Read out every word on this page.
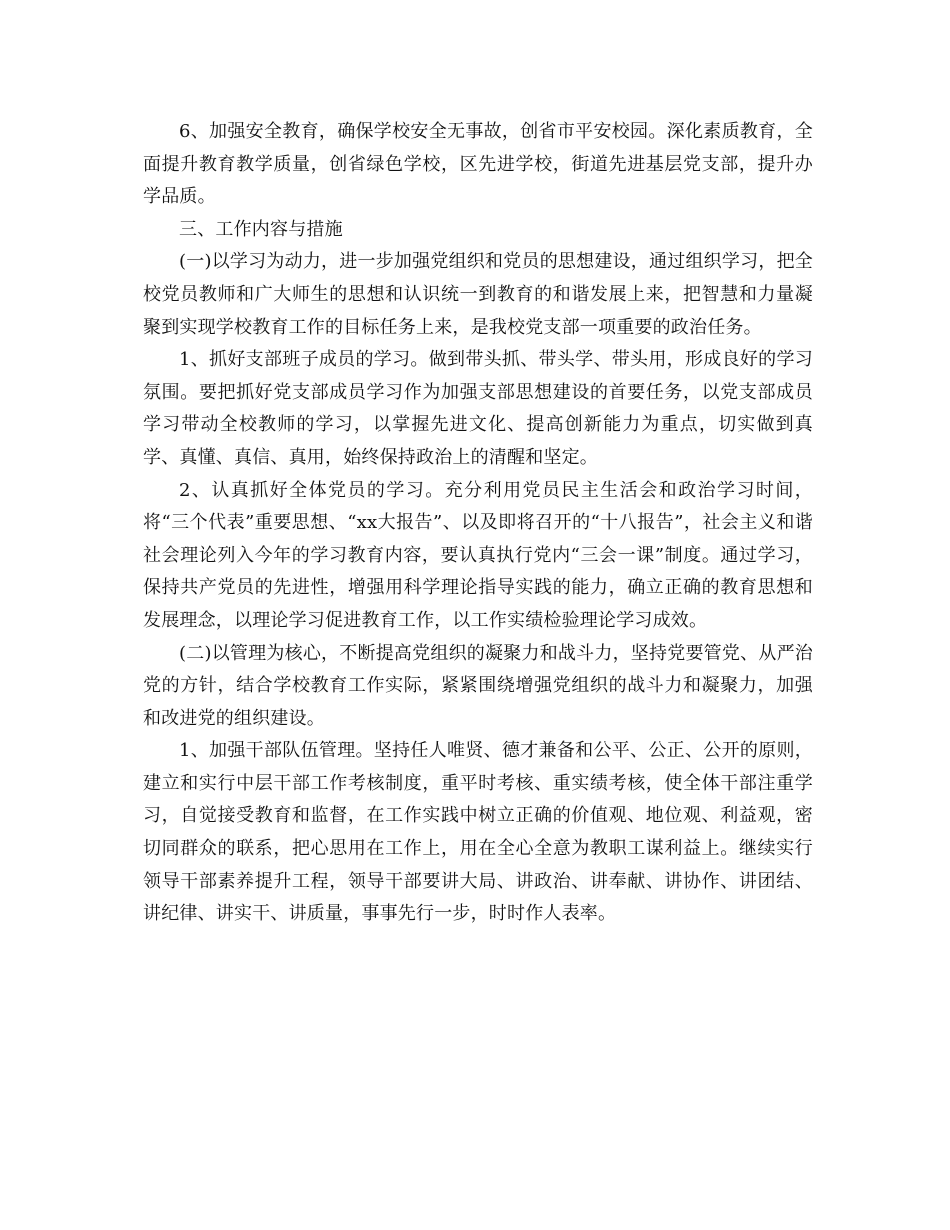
6、加强安全教育，确保学校安全无事故，创省市平安校园。深化素质教育，全面提升教育教学质量，创省绿色学校，区先进学校，街道先进基层党支部，提升办学品质。

三、工作内容与措施

(一)以学习为动力，进一步加强党组织和党员的思想建设，通过组织学习，把全校党员教师和广大师生的思想和认识统一到教育的和谐发展上来，把智慧和力量凝聚到实现学校教育工作的目标任务上来，是我校党支部一项重要的政治任务。

1、抓好支部班子成员的学习。做到带头抓、带头学、带头用，形成良好的学习氛围。要把抓好党支部成员学习作为加强支部思想建设的首要任务，以党支部成员学习带动全校教师的学习，以掌握先进文化、提高创新能力为重点，切实做到真学、真懂、真信、真用，始终保持政治上的清醒和坚定。

2、认真抓好全体党员的学习。充分利用党员民主生活会和政治学习时间，将“三个代表”重要思想、“xx大报告”、以及即将召开的“十八报告”，社会主义和谐社会理论列入今年的学习教育内容，要认真执行党内“三会一课”制度。通过学习，保持共产党员的先进性，增强用科学理论指导实践的能力，确立正确的教育思想和发展理念，以理论学习促进教育工作，以工作实绩检验理论学习成效。

(二)以管理为核心，不断提高党组织的凝聚力和战斗力，坚持党要管党、从严治党的方针，结合学校教育工作实际，紧紧围绕增强党组织的战斗力和凝聚力，加强和改进党的组织建设。

1、加强干部队伍管理。坚持任人唯贤、德才兼备和公平、公正、公开的原则，建立和实行中层干部工作考核制度，重平时考核、重实绩考核，使全体干部注重学习，自觉接受教育和监督，在工作实践中树立正确的价值观、地位观、利益观，密切同群众的联系，把心思用在工作上，用在全心全意为教职工谋利益上。继续实行领导干部素养提升工程，领导干部要讲大局、讲政治、讲奉献、讲协作、讲团结、讲纪律、讲实干、讲质量，事事先行一步，时时作人表率。
